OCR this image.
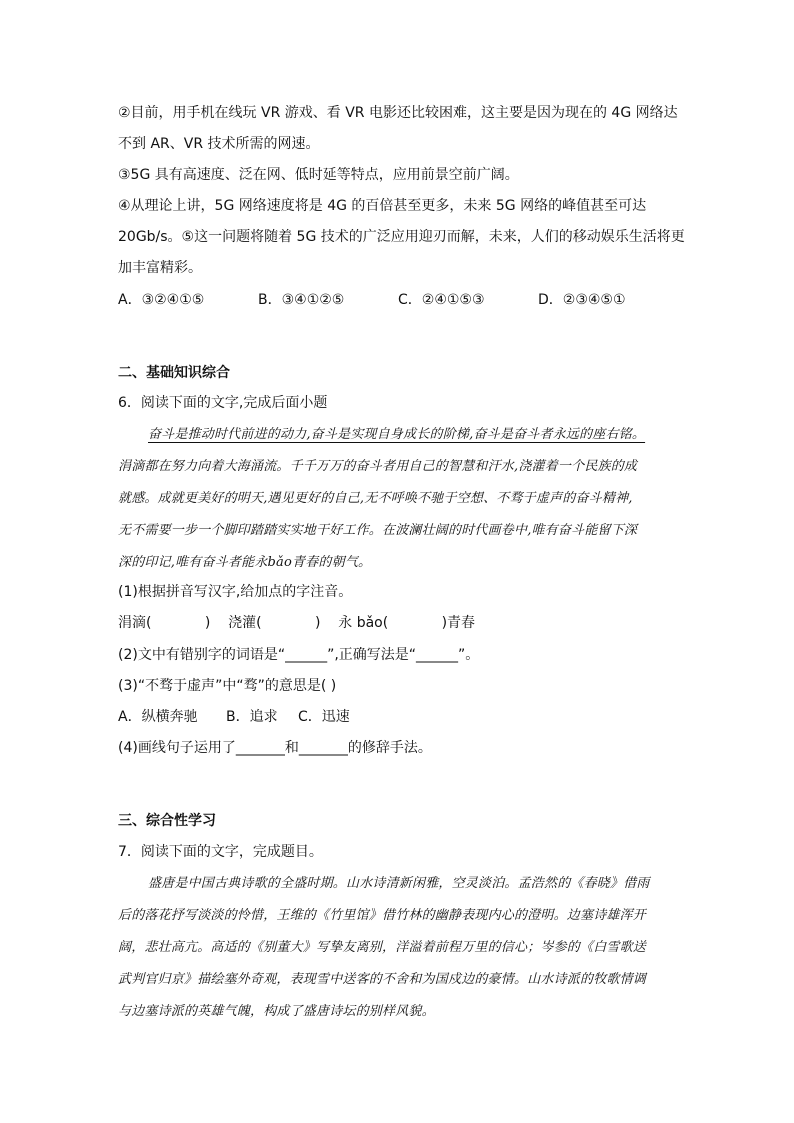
②目前，用手机在线玩 VR 游戏、看 VR 电影还比较困难，这主要是因为现在的 4G 网络达
不到 AR、VR 技术所需的网速。
③5G 具有高速度、泛在网、低时延等特点，应用前景空前广阔。
④从理论上讲，5G 网络速度将是 4G 的百倍甚至更多，未来 5G 网络的峰值甚至可达
20Gb/s。⑤这一问题将随着 5G 技术的广泛应用迎刃而解，未来，人们的移动娱乐生活将更
加丰富精彩。
A．③②④①⑤	B．③④①②⑤	C．②④①⑤③	D．②③④⑤①
二、基础知识综合
6．阅读下面的文字,完成后面小题
奋斗是推动时代前进的动力,奋斗是实现自身成长的阶梯,奋斗是奋斗者永远的座右铭。
涓滴都在努力向着大海涌流。千千万万的奋斗者用自己的智慧和汗水,浇灌着一个民族的成
就感。成就更美好的明天,遇见更好的自己,无不呼唤不驰于空想、不骛于虚声的奋斗精神,
无不需要一步一个脚印踏踏实实地干好工作。在波澜壮阔的时代画卷中,唯有奋斗能留下深
深的印记,唯有奋斗者能永bǎo青春的朝气。
(1)根据拼音写汉字,给加点的字注音。
涓滴(            )    浇灌(            )    永 bǎo(            )青春
(2)文中有错别字的词语是“______”,正确写法是“______”。
(3)“不骛于虚声”中“骛”的意思是( )
A．纵横奔驰 B．追求 C．迅速
(4)画线句子运用了_______和_______的修辞手法。
三、综合性学习
7．阅读下面的文字，完成题目。
盛唐是中国古典诗歌的全盛时期。山水诗清新闲雅，空灵淡泊。孟浩然的《春晓》借雨
后的落花抒写淡淡的怜惜，王维的《竹里馆》借竹林的幽静表现内心的澄明。边塞诗雄浑开
阔，悲壮高亢。高适的《别董大》写挚友离别，洋溢着前程万里的信心；岑参的《白雪歌送
武判官归京》描绘塞外奇观，表现雪中送客的不舍和为国戍边的豪情。山水诗派的牧歌情调
与边塞诗派的英雄气魄，构成了盛唐诗坛的别样风貌。
